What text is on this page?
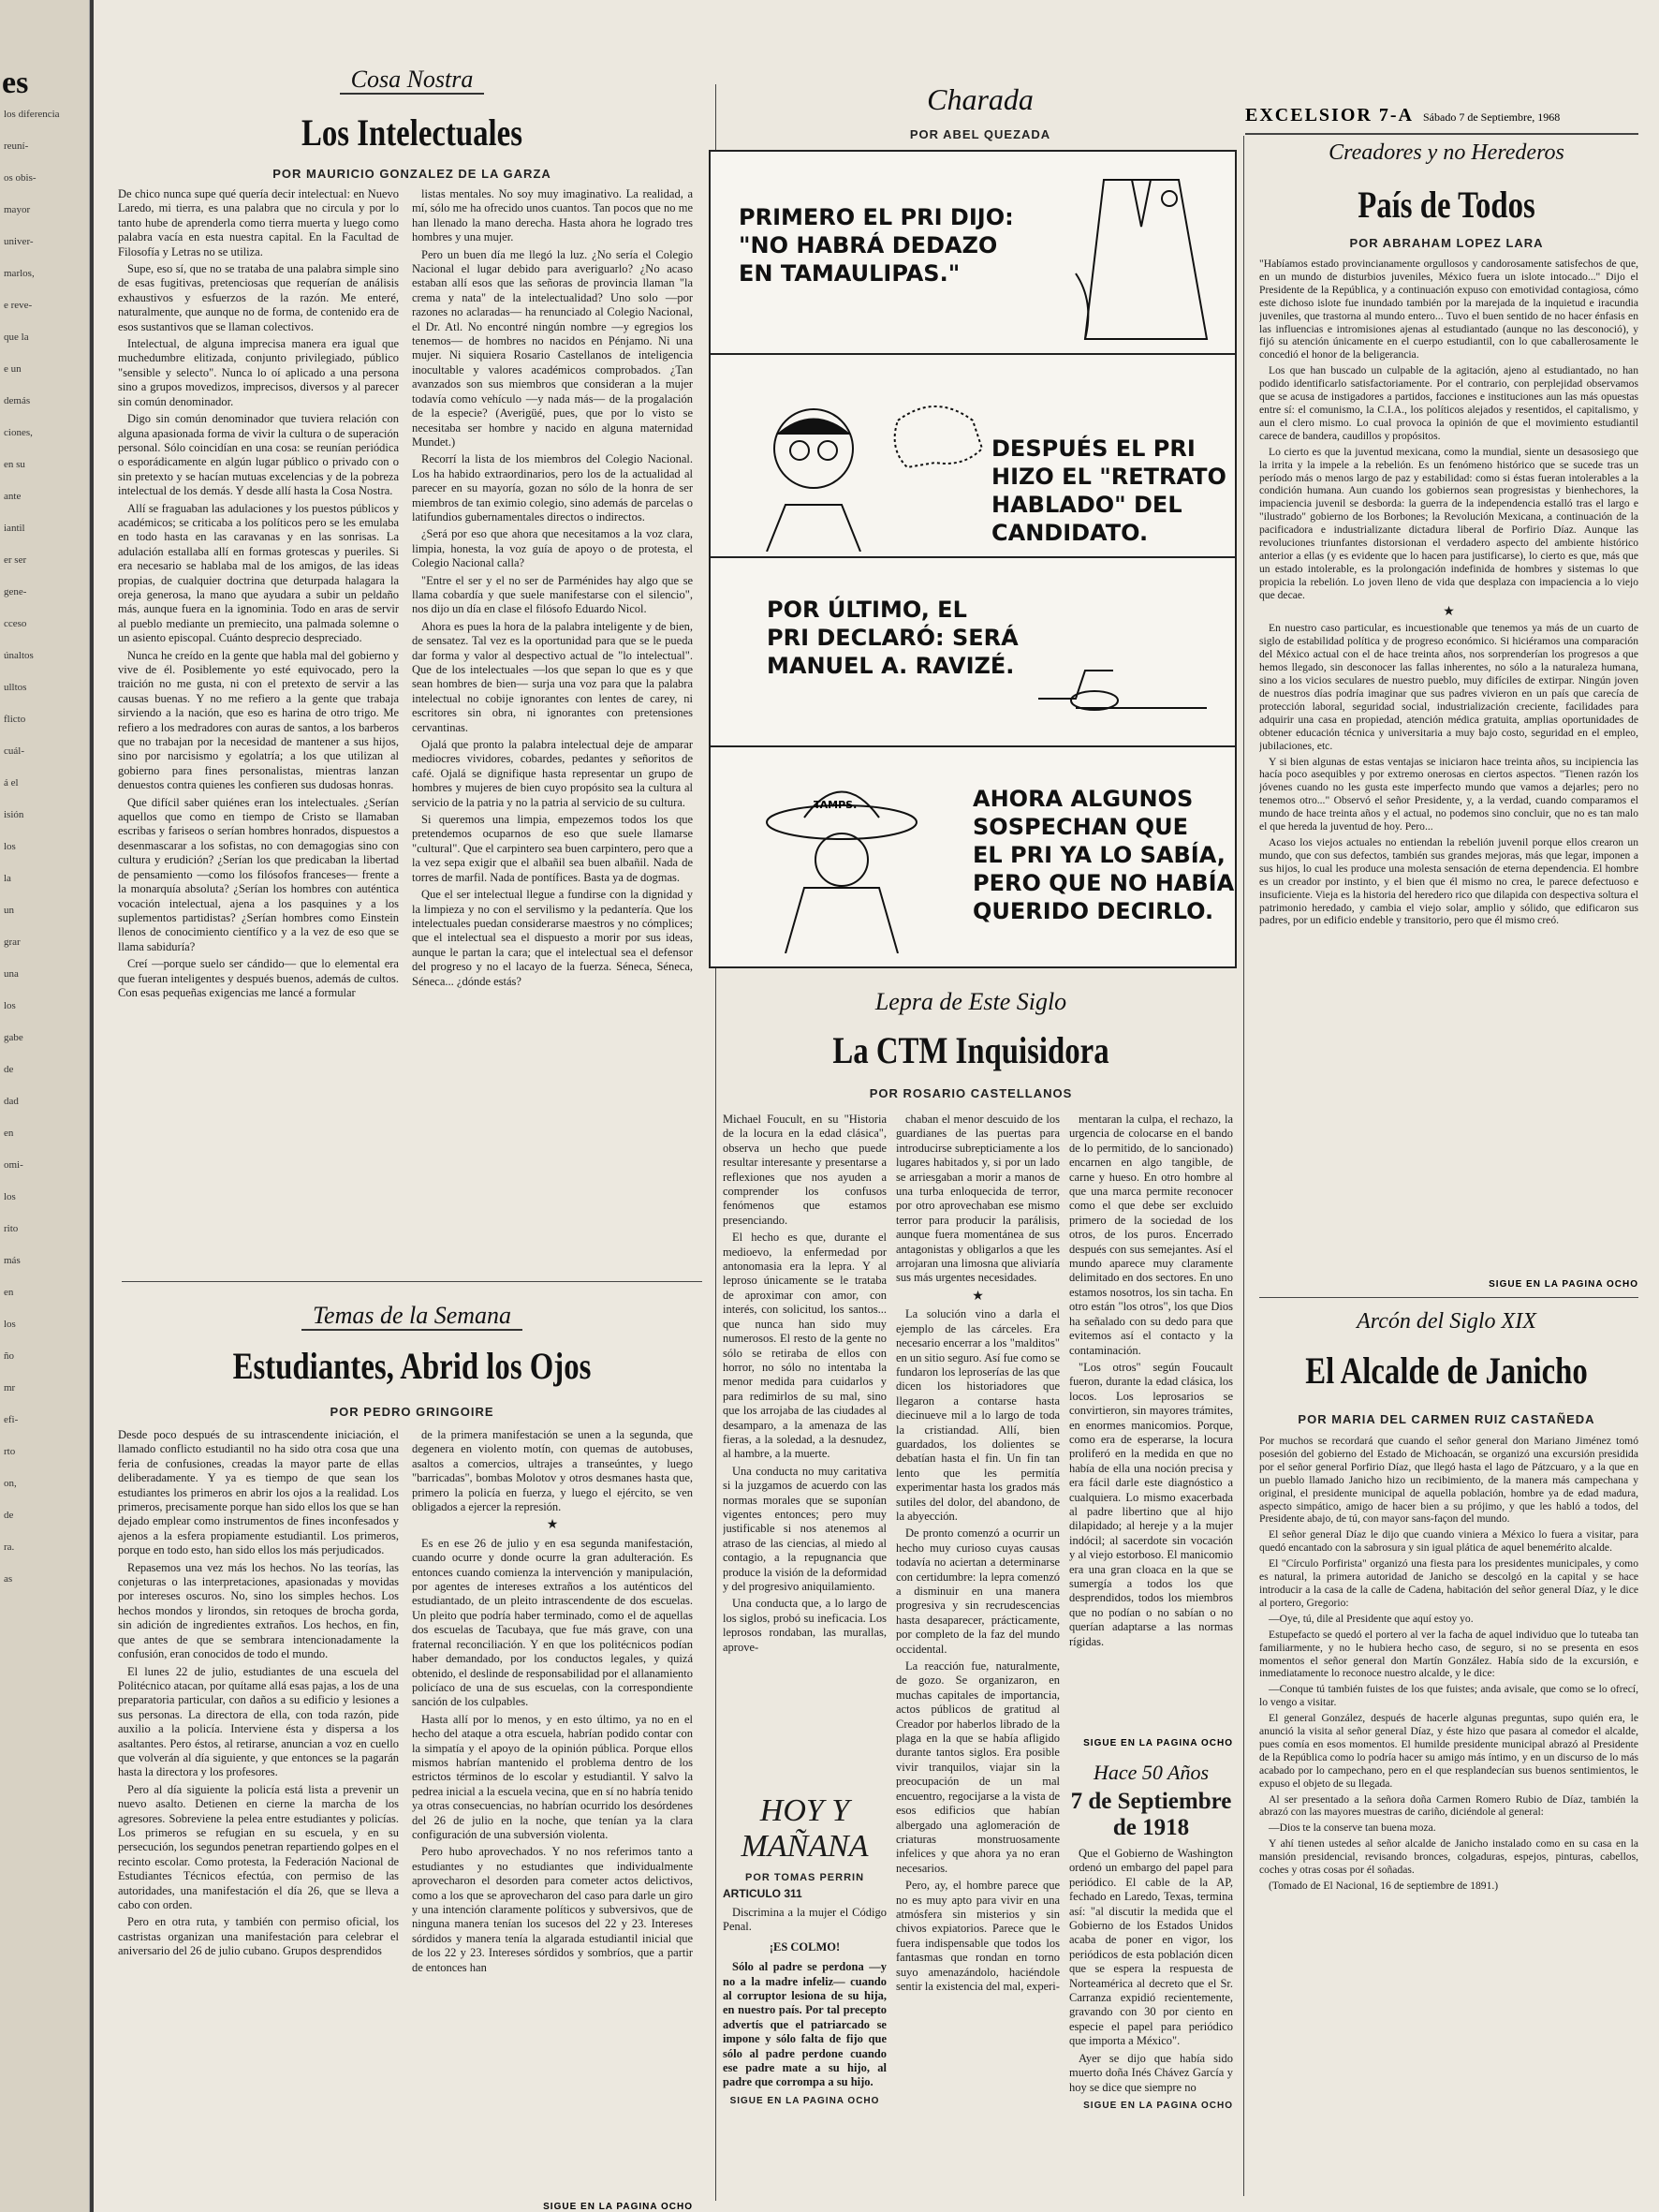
es
los diferencia
reuní-
os obis-
mayor
univer-
marlos,
e reve-
que la
e un
demás
ciones,
en su
ante
iantil
er ser
gene-
cceso
únaltos
ulltos
flicto
cuál-
á el
isión
los
la
un
grar
una
los
gabe
de
dad
en
omi-
los
rito
más
en
los
ño
mr
efi-
rto
on,
de
ra.
as
EXCELSIOR 7-A Sábado 7 de Septiembre, 1968
Cosa Nostra
Los Intelectuales
POR MAURICIO GONZALEZ DE LA GARZA

De chico nunca supe qué quería decir intelectual: en Nuevo Laredo, mi tierra, es una palabra que no circula y por lo tanto hube de aprenderla como tierra muerta y luego como palabra vacía en esta nuestra capital. En la Facultad de Filosofía y Letras no se utiliza.

Supe, eso sí, que no se trataba de una palabra simple sino de esas fugitivas, pretenciosas que requerían de análisis exhaustivos y esfuerzos de la razón. Me enteré, naturalmente, que aunque no de forma, de contenido era de esos sustantivos que se llaman colectivos.

Intelectual, de alguna imprecisa manera era igual que muchedumbre elitizada, conjunto privilegiado, público "sensible y selecto". Nunca lo oí aplicado a una persona sino a grupos movedizos, imprecisos, diversos y al parecer sin común denominador.

Digo sin común denominador que tuviera relación con alguna apasionada forma de vivir la cultura o de superación personal. Sólo coincidían en una cosa: se reunían periódica o esporádicamente en algún lugar público o privado con o sin pretexto y se hacían mutuas excelencias y de la pobreza intelectual de los demás. Y desde allí hasta la Cosa Nostra.

Allí se fraguaban las adulaciones y los puestos públicos y académicos; se criticaba a los políticos pero se les emulaba en todo hasta en las caravanas y en las sonrisas. La adulación estallaba allí en formas grotescas y pueriles. Si era necesario se hablaba mal de los amigos, de las ideas propias, de cualquier doctrina que deturpada halagara la oreja generosa, la mano que ayudara a subir un peldaño más, aunque fuera en la ignominia. Todo en aras de servir al pueblo mediante un premiecito, una palmada solemne o un asiento episcopal. Cuánto desprecio despreciado.

Nunca he creído en la gente que habla mal del gobierno y vive de él. Posiblemente yo esté equivocado, pero la traición no me gusta, ni con el pretexto de servir a las causas buenas. Y no me refiero a la gente que trabaja sirviendo a la nación, que eso es harina de otro trigo. Me refiero a los medradores con auras de santos, a los barberos que no trabajan por la necesidad de mantener a sus hijos, sino por narcisismo y egolatría; a los que utilizan al gobierno para fines personalistas, mientras lanzan denuestos contra quienes les confieren sus dudosas honras.

Que difícil saber quiénes eran los intelectuales. ¿Serían aquellos que como en tiempo de Cristo se llamaban escribas y fariseos o serían hombres honrados, dispuestos a desenmascarar a los sofistas, no con demagogias sino con cultura y erudición? ¿Serían los que predicaban la libertad de pensamiento —como los filósofos franceses— frente a la monarquía absoluta? ¿Serían los hombres con auténtica vocación intelectual, ajena a los pasquines y a los suplementos partidistas? ¿Serían hombres como Einstein llenos de conocimiento científico y a la vez de eso que se llama sabiduría?

Creí —porque suelo ser cándido— que lo elemental era que fueran inteligentes y después buenos, además de cultos. Con esas pequeñas exigencias me lancé a formular

listas mentales. No soy muy imaginativo. La realidad, a mí, sólo me ha ofrecido unos cuantos. Tan pocos que no me han llenado la mano derecha. Hasta ahora he logrado tres hombres y una mujer.

Pero un buen día me llegó la luz. ¿No sería el Colegio Nacional el lugar debido para averiguarlo? ¿No acaso estaban allí esos que las señoras de provincia llaman "la crema y nata" de la intelectualidad? Uno solo —por razones no aclaradas— ha renunciado al Colegio Nacional, el Dr. Atl. No encontré ningún nombre —y egregios los tenemos— de hombres no nacidos en Pénjamo. Ni una mujer. Ni siquiera Rosario Castellanos de inteligencia inocultable y valores académicos comprobados. ¿Tan avanzados son sus miembros que consideran a la mujer todavía como vehículo —y nada más— de la progalación de la especie? (Averigüé, pues, que por lo visto se necesitaba ser hombre y nacido en alguna maternidad Mundet.)

Recorrí la lista de los miembros del Colegio Nacional. Los ha habido extraordinarios, pero los de la actualidad al parecer en su mayoría, gozan no sólo de la honra de ser miembros de tan eximio colegio, sino además de parcelas o latifundios gubernamentales directos o indirectos.

¿Será por eso que ahora que necesitamos a la voz clara, limpia, honesta, la voz guía de apoyo o de protesta, el Colegio Nacional calla?

"Entre el ser y el no ser de Parménides hay algo que se llama cobardía y que suele manifestarse con el silencio", nos dijo un día en clase el filósofo Eduardo Nicol.

Ahora es pues la hora de la palabra inteligente y de bien, de sensatez. Tal vez es la oportunidad para que se le pueda dar forma y valor al despectivo actual de "lo intelectual". Que de los intelectuales —los que sepan lo que es y que sean hombres de bien— surja una voz para que la palabra intelectual no cobije ignorantes con lentes de carey, ni escritores sin obra, ni ignorantes con pretensiones cervantinas.

Ojalá que pronto la palabra intelectual deje de amparar mediocres vividores, cobardes, pedantes y señoritos de café. Ojalá se dignifique hasta representar un grupo de hombres y mujeres de bien cuyo propósito sea la cultura al servicio de la patria y no la patria al servicio de su cultura.

Si queremos una limpia, empezemos todos los que pretendemos ocuparnos de eso que suele llamarse "cultural". Que el carpintero sea buen carpintero, pero que a la vez sepa exigir que el albañil sea buen albañil. Nada de torres de marfil. Nada de pontífices. Basta ya de dogmas.

Que el ser intelectual llegue a fundirse con la dignidad y la limpieza y no con el servilismo y la pedantería. Que los intelectuales puedan considerarse maestros y no cómplices; que el intelectual sea el dispuesto a morir por sus ideas, aunque le partan la cara; que el intelectual sea el defensor del progreso y no el lacayo de la fuerza. Séneca, Séneca, Séneca... ¿dónde estás?

Temas de la Semana
Estudiantes, Abrid los Ojos
POR PEDRO GRINGOIRE

Desde poco después de su intrascendente iniciación, el llamado conflicto estudiantil no ha sido otra cosa que una feria de confusiones, creadas la mayor parte de ellas deliberadamente. Y ya es tiempo de que sean los estudiantes los primeros en abrir los ojos a la realidad. Los primeros, precisamente porque han sido ellos los que se han dejado emplear como instrumentos de fines inconfesados y ajenos a la esfera propiamente estudiantil. Los primeros, porque en todo esto, han sido ellos los más perjudicados.

Repasemos una vez más los hechos. No las teorías, las conjeturas o las interpretaciones, apasionadas y movidas por intereses oscuros. No, sino los simples hechos. Los hechos mondos y lirondos, sin retoques de brocha gorda, sin adición de ingredientes extraños. Los hechos, en fin, que antes de que se sembrara intencionadamente la confusión, eran conocidos de todo el mundo.

El lunes 22 de julio, estudiantes de una escuela del Politécnico atacan, por quítame allá esas pajas, a los de una preparatoria particular, con daños a su edificio y lesiones a sus personas. La directora de ella, con toda razón, pide auxilio a la policía. Interviene ésta y dispersa a los asaltantes. Pero éstos, al retirarse, anuncian a voz en cuello que volverán al día siguiente, y que entonces se la pagarán hasta la directora y los profesores.

Pero al día siguiente la policía está lista a prevenir un nuevo asalto. Detienen en cierne la marcha de los agresores. Sobreviene la pelea entre estudiantes y policías. Los primeros se refugian en su escuela, y en su persecución, los segundos penetran repartiendo golpes en el recinto escolar. Como protesta, la Federación Nacional de Estudiantes Técnicos efectúa, con permiso de las autoridades, una manifestación el día 26, que se lleva a cabo con orden.

Pero en otra ruta, y también con permiso oficial, los castristas organizan una manifestación para celebrar el aniversario del 26 de julio cubano. Grupos desprendidos

de la primera manifestación se unen a la segunda, que degenera en violento motín, con quemas de autobuses, asaltos a comercios, ultrajes a transeúntes, y luego "barricadas", bombas Molotov y otros desmanes hasta que, primero la policía en fuerza, y luego el ejército, se ven obligados a ejercer la represión.

★

Es en ese 26 de julio y en esa segunda manifestación, cuando ocurre y donde ocurre la gran adulteración. Es entonces cuando comienza la intervención y manipulación, por agentes de intereses extraños a los auténticos del estudiantado, de un pleito intrascendente de dos escuelas. Un pleito que podría haber terminado, como el de aquellas dos escuelas de Tacubaya, que fue más grave, con una fraternal reconciliación. Y en que los politécnicos podían haber demandado, por los conductos legales, y quizá obtenido, el deslinde de responsabilidad por el allanamiento policíaco de una de sus escuelas, con la correspondiente sanción de los culpables.

Hasta allí por lo menos, y en esto último, ya no en el hecho del ataque a otra escuela, habrían podido contar con la simpatía y el apoyo de la opinión pública. Porque ellos mismos habrían mantenido el problema dentro de los estrictos términos de lo escolar y estudiantil. Y salvo la pedrea inicial a la escuela vecina, que en sí no habría tenido ya otras consecuencias, no habrían ocurrido los desórdenes del 26 de julio en la noche, que tenían ya la clara configuración de una subversión violenta.

Pero hubo aprovechados. Y no nos referimos tanto a estudiantes y no estudiantes que individualmente aprovecharon el desorden para cometer actos delictivos, como a los que se aprovecharon del caso para darle un giro y una intención claramente políticos y subversivos, que de ninguna manera tenían los sucesos del 22 y 23. Intereses sórdidos y manera tenía la algarada estudiantil inicial que de los 22 y 23. Intereses sórdidos y sombríos, que a partir de entonces han

SIGUE EN LA PAGINA OCHO
Charada
POR ABEL QUEZADA
PRIMERO EL PRI DIJO:
"NO HABRÁ DEDAZO
EN TAMAULIPAS."
DESPUÉS EL PRI
HIZO EL "RETRATO
HABLADO" DEL
CANDIDATO.
POR ÚLTIMO, EL
PRI DECLARÓ: SERÁ
MANUEL A. RAVIZÉ.
TAMPS.	AHORA ALGUNOS
SOSPECHAN QUE
EL PRI YA LO SABÍA,
PERO QUE NO HABÍA
QUERIDO DECIRLO.
Lepra de Este Siglo
La CTM Inquisidora
POR ROSARIO CASTELLANOS

Michael Foucult, en su "Historia de la locura en la edad clásica", observa un hecho que puede resultar interesante y presentarse a reflexiones que nos ayuden a comprender los confusos fenómenos que estamos presenciando.

El hecho es que, durante el medioevo, la enfermedad por antonomasia era la lepra. Y al leproso únicamente se le trataba de aproximar con amor, con interés, con solicitud, los santos... que nunca han sido muy numerosos. El resto de la gente no sólo se retiraba de ellos con horror, no sólo no intentaba la menor medida para cuidarlos y para redimirlos de su mal, sino que los arrojaba de las ciudades al desamparo, a la amenaza de las fieras, a la soledad, a la desnudez, al hambre, a la muerte.

Una conducta no muy caritativa si la juzgamos de acuerdo con las normas morales que se suponían vigentes entonces; pero muy justificable si nos atenemos al atraso de las ciencias, al miedo al contagio, a la repugnancia que produce la visión de la deformidad y del progresivo aniquilamiento.

Una conducta que, a lo largo de los siglos, probó su ineficacia. Los leprosos rondaban, las murallas, aprove-

chaban el menor descuido de los guardianes de las puertas para introducirse subrepticiamente a los lugares habitados y, si por un lado se arriesgaban a morir a manos de una turba enloquecida de terror, por otro aprovechaban ese mismo terror para producir la parálisis, aunque fuera momentánea de sus antagonistas y obligarlos a que les arrojaran una limosna que aliviaría sus más urgentes necesidades.

★

La solución vino a darla el ejemplo de las cárceles. Era necesario encerrar a los "malditos" en un sitio seguro. Así fue como se fundaron los leproserías de las que dicen los historiadores que llegaron a contarse hasta diecinueve mil a lo largo de toda la cristiandad. Allí, bien guardados, los dolientes se debatían hasta el fin. Un fin tan lento que les permitía experimentar hasta los grados más sutiles del dolor, del abandono, de la abyección.

De pronto comenzó a ocurrir un hecho muy curioso cuyas causas todavía no aciertan a determinarse con certidumbre: la lepra comenzó a disminuir en una manera progresiva y sin recrudescencias hasta desaparecer, prácticamente, por completo de la faz del mundo occidental.

La reacción fue, naturalmente, de gozo. Se organizaron, en muchas capitales de importancia, actos públicos de gratitud al Creador por haberlos librado de la plaga en la que se había afligido durante tantos siglos. Era posible vivir tranquilos, viajar sin la preocupación de un mal encuentro, regocijarse a la vista de esos edificios que habían albergado una aglomeración de criaturas monstruosamente infelices y que ahora ya no eran necesarios.

Pero, ay, el hombre parece que no es muy apto para vivir en una atmósfera sin misterios y sin chivos expiatorios. Parece que le fuera indispensable que todos los fantasmas que rondan en torno suyo amenazándolo, haciéndole sentir la existencia del mal, experi-

mentaran la culpa, el rechazo, la urgencia de colocarse en el bando de lo permitido, de lo sancionado) encarnen en algo tangible, de carne y hueso. En otro hombre al que una marca permite reconocer como el que debe ser excluido primero de la sociedad de los otros, de los puros. Encerrado después con sus semejantes. Así el mundo aparece muy claramente delimitado en dos sectores. En uno estamos nosotros, los sin tacha. En otro están "los otros", los que Dios ha señalado con su dedo para que evitemos así el contacto y la contaminación.

"Los otros" según Foucault fueron, durante la edad clásica, los locos. Los leprosarios se convirtieron, sin mayores trámites, en enormes manicomios. Porque, como era de esperarse, la locura proliferó en la medida en que no había de ella una noción precisa y era fácil darle este diagnóstico a cualquiera. Lo mismo exacerbada al padre libertino que al hijo dilapidado; al hereje y a la mujer indócil; al sacerdote sin vocación y al viejo estorboso. El manicomio era una gran cloaca en la que se sumergía a todos los que desprendidos, todos los miembros que no podían o no sabían o no querían adaptarse a las normas rígidas.

SIGUE EN LA PAGINA OCHO
HOY Y
MAÑANA
POR TOMAS PERRIN
ARTICULO 311

Discrimina a la mujer el Código Penal.

¡ES COLMO!

Sólo al padre se perdona —y no a la madre infeliz— cuando al corruptor lesiona de su hija, en nuestro país. Por tal precepto advertís que el patriarcado se impone y sólo falta de fijo que sólo al padre perdone cuando ese padre mate a su hijo, al padre que corrompa a su hijo.

SIGUE EN LA PAGINA OCHO
Hace 50 Años
7 de Septiembre
de 1918

Que el Gobierno de Washington ordenó un embargo del papel para periódico. El cable de la AP, fechado en Laredo, Texas, termina así: "al discutir la medida que el Gobierno de los Estados Unidos acaba de poner en vigor, los periódicos de esta población dicen que se espera la respuesta de Norteamérica al decreto que el Sr. Carranza expidió recientemente, gravando con 30 por ciento en especie el papel para periódico que importa a México".

Ayer se dijo que había sido muerto doña Inés Chávez García y hoy se dice que siempre no

SIGUE EN LA PAGINA OCHO
Creadores y no Herederos
País de Todos
POR ABRAHAM LOPEZ LARA

"Habíamos estado provincianamente orgullosos y candorosamente satisfechos de que, en un mundo de disturbios juveniles, México fuera un islote intocado..." Dijo el Presidente de la República, y a continuación expuso con emotividad contagiosa, cómo este dichoso islote fue inundado también por la marejada de la inquietud e iracundia juveniles, que trastorna al mundo entero... Tuvo el buen sentido de no hacer énfasis en las influencias e intromisiones ajenas al estudiantado (aunque no las desconoció), y fijó su atención únicamente en el cuerpo estudiantil, con lo que caballerosamente le concedió el honor de la beligerancia.

Los que han buscado un culpable de la agitación, ajeno al estudiantado, no han podido identificarlo satisfactoriamente. Por el contrario, con perplejidad observamos que se acusa de instigadores a partidos, facciones e instituciones aun las más opuestas entre sí: el comunismo, la C.I.A., los políticos alejados y resentidos, el capitalismo, y aun el clero mismo. Lo cual provoca la opinión de que el movimiento estudiantil carece de bandera, caudillos y propósitos.

Lo cierto es que la juventud mexicana, como la mundial, siente un desasosiego que la irrita y la impele a la rebelión. Es un fenómeno histórico que se sucede tras un período más o menos largo de paz y estabilidad: como si éstas fueran intolerables a la condición humana. Aun cuando los gobiernos sean progresistas y bienhechores, la impaciencia juvenil se desborda: la guerra de la independencia estalló tras el largo e "ilustrado" gobierno de los Borbones; la Revolución Mexicana, a continuación de la pacificadora e industrializante dictadura liberal de Porfirio Díaz. Aunque las revoluciones triunfantes distorsionan el verdadero aspecto del ambiente histórico anterior a ellas (y es evidente que lo hacen para justificarse), lo cierto es que, más que un estado intolerable, es la prolongación indefinida de hombres y sistemas lo que propicia la rebelión. Lo joven lleno de vida que desplaza con impaciencia a lo viejo que decae.

★

En nuestro caso particular, es incuestionable que tenemos ya más de un cuarto de siglo de estabilidad política y de progreso económico. Si hiciéramos una comparación del México actual con el de hace treinta años, nos sorprenderían los progresos a que hemos llegado, sin desconocer las fallas inherentes, no sólo a la naturaleza humana, sino a los vicios seculares de nuestro pueblo, muy difíciles de extirpar. Ningún joven de nuestros días podría imaginar que sus padres vivieron en un país que carecía de protección laboral, seguridad social, industrialización creciente, facilidades para adquirir una casa en propiedad, atención médica gratuita, amplias oportunidades de obtener educación técnica y universitaria a muy bajo costo, seguridad en el empleo, jubilaciones, etc.

Y si bien algunas de estas ventajas se iniciaron hace treinta años, su incipiencia las hacía poco asequibles y por extremo onerosas en ciertos aspectos. "Tienen razón los jóvenes cuando no les gusta este imperfecto mundo que vamos a dejarles; pero no tenemos otro..." Observó el señor Presidente, y, a la verdad, cuando comparamos el mundo de hace treinta años y el actual, no podemos sino concluir, que no es tan malo el que hereda la juventud de hoy. Pero...

Acaso los viejos actuales no entiendan la rebelión juvenil porque ellos crearon un mundo, que con sus defectos, también sus grandes mejoras, más que legar, imponen a sus hijos, lo cual les produce una molesta sensación de eterna dependencia. El hombre es un creador por instinto, y el bien que él mismo no crea, le parece defectuoso e insuficiente. Vieja es la historia del heredero rico que dilapida con despectiva soltura el patrimonio heredado, y cambia el viejo solar, amplio y sólido, que edificaron sus padres, por un edificio endeble y transitorio, pero que él mismo creó.

SIGUE EN LA PAGINA OCHO
Arcón del Siglo XIX
El Alcalde de Janicho
POR MARIA DEL CARMEN RUIZ CASTAÑEDA

Por muchos se recordará que cuando el señor general don Mariano Jiménez tomó posesión del gobierno del Estado de Michoacán, se organizó una excursión presidida por el señor general Porfirio Díaz, que llegó hasta el lago de Pátzcuaro, y a la que en un pueblo llamado Janicho hizo un recibimiento, de la manera más campechana y original, el presidente municipal de aquella población, hombre ya de edad madura, aspecto simpático, amigo de hacer bien a su prójimo, y que les habló a todos, del Presidente abajo, de tú, con mayor sans-façon del mundo.

El señor general Díaz le dijo que cuando viniera a México lo fuera a visitar, para quedó encantado con la sabrosura y sin igual plática de aquel benemérito alcalde.

El "Círculo Porfirista" organizó una fiesta para los presidentes municipales, y como es natural, la primera autoridad de Janicho se descolgó en la capital y se hace introducir a la casa de la calle de Cadena, habitación del señor general Díaz, y le dice al portero, Gregorio:

—Oye, tú, dile al Presidente que aquí estoy yo.

Estupefacto se quedó el portero al ver la facha de aquel individuo que lo tuteaba tan familiarmente, y no le hubiera hecho caso, de seguro, si no se presenta en esos momentos el señor general don Martín González. Había sido de la excursión, e inmediatamente lo reconoce nuestro alcalde, y le dice:

—Conque tú también fuistes de los que fuistes; anda avisale, que como se lo ofrecí, lo vengo a visitar.

El general González, después de hacerle algunas preguntas, supo quién era, le anunció la visita al señor general Díaz, y éste hizo que pasara al comedor el alcalde, pues comía en esos momentos. El humilde presidente municipal abrazó al Presidente de la República como lo podría hacer su amigo más íntimo, y en un discurso de lo más acabado por lo campechano, pero en el que resplandecían sus buenos sentimientos, le expuso el objeto de su llegada.

Al ser presentado a la señora doña Carmen Romero Rubio de Díaz, también la abrazó con las mayores muestras de cariño, diciéndole al general:

—Dios te la conserve tan buena moza.

Y ahí tienen ustedes al señor alcalde de Janicho instalado como en su casa en la mansión presidencial, revisando bronces, colgaduras, espejos, pinturas, cabellos, coches y otras cosas por él soñadas.

(Tomado de El Nacional, 16 de septiembre de 1891.)
